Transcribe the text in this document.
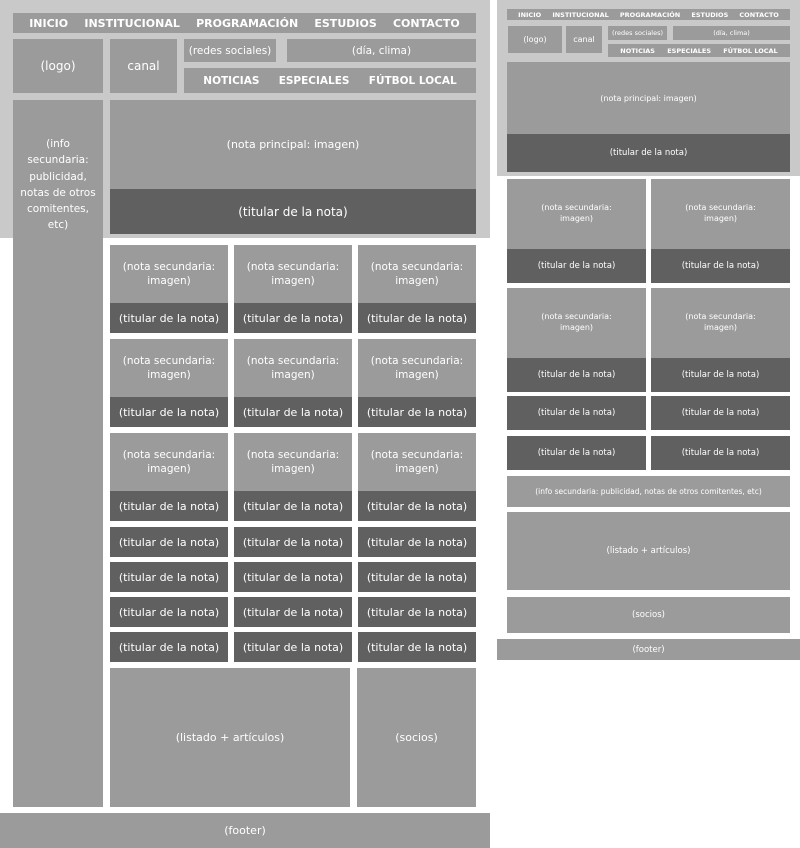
INICIO INSTITUCIONAL PROGRAMACIÓN ESTUDIOS CONTACTO
(logo)	canal
(redes sociales)	(día, clima)
NOTICIAS ESPECIALES FÚTBOL LOCAL
(info secundaria: publicidad, notas de otros comitentes, etc)
(nota principal: imagen)
(titular de la nota)
(nota secundaria: imagen)
(titular de la nota)
(nota secundaria: imagen)
(titular de la nota)
(nota secundaria: imagen)
(titular de la nota)
(nota secundaria: imagen)
(titular de la nota)
(nota secundaria: imagen)
(titular de la nota)
(nota secundaria: imagen)
(titular de la nota)
(nota secundaria: imagen)
(titular de la nota)
(nota secundaria: imagen)
(titular de la nota)
(nota secundaria: imagen)
(titular de la nota)
(titular de la nota) (titular de la nota) (titular de la nota)
(titular de la nota) (titular de la nota) (titular de la nota)
(titular de la nota) (titular de la nota) (titular de la nota)
(titular de la nota) (titular de la nota) (titular de la nota)
(listado + artículos)	(socios)
(footer)
INICIO INSTITUCIONAL PROGRAMACIÓN ESTUDIOS CONTACTO
(logo)	canal
(redes sociales)	(día, clima)
NOTICIAS ESPECIALES FÚTBOL LOCAL
(nota principal: imagen)
(titular de la nota)
(nota secundaria: imagen)
(titular de la nota)
(nota secundaria: imagen)
(titular de la nota)
(nota secundaria: imagen)
(titular de la nota)
(nota secundaria: imagen)
(titular de la nota)
(titular de la nota)	(titular de la nota)
(titular de la nota)	(titular de la nota)
(info secundaria: publicidad, notas de otros comitentes, etc)
(listado + artículos)
(socios)
(footer)
